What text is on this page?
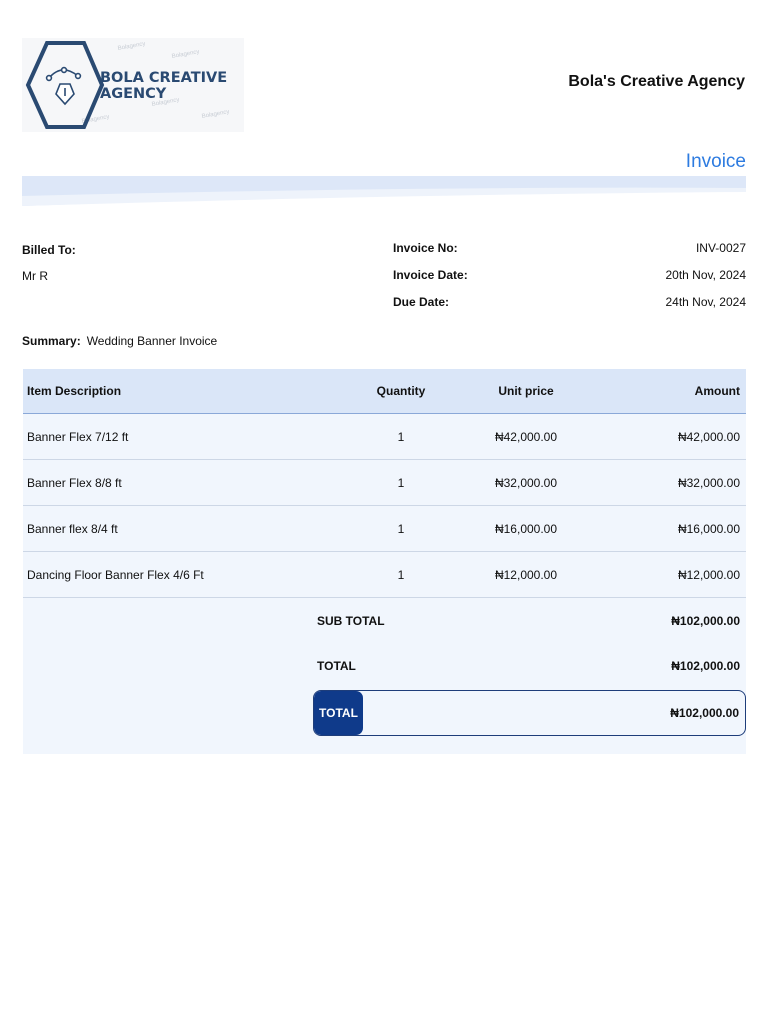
Bolagency
Bolagency
Bolagency
Bolagency
Bolagency
BOLA CREATIVE
AGENCY
Bola's Creative Agency
Invoice
Billed To:
Mr R
Invoice No:	INV-0027
Invoice Date:	20th Nov, 2024
Due Date:	24th Nov, 2024
Summary: Wedding Banner Invoice
Item Description	Quantity	Unit price	Amount
Banner Flex 7/12 ft	1	₦42,000.00	₦42,000.00
Banner Flex 8/8 ft	1	₦32,000.00	₦32,000.00
Banner flex 8/4 ft	1	₦16,000.00	₦16,000.00
Dancing Floor Banner Flex 4/6 Ft	1	₦12,000.00	₦12,000.00
SUB TOTAL	₦102,000.00
TOTAL	₦102,000.00
TOTAL	₦102,000.00
